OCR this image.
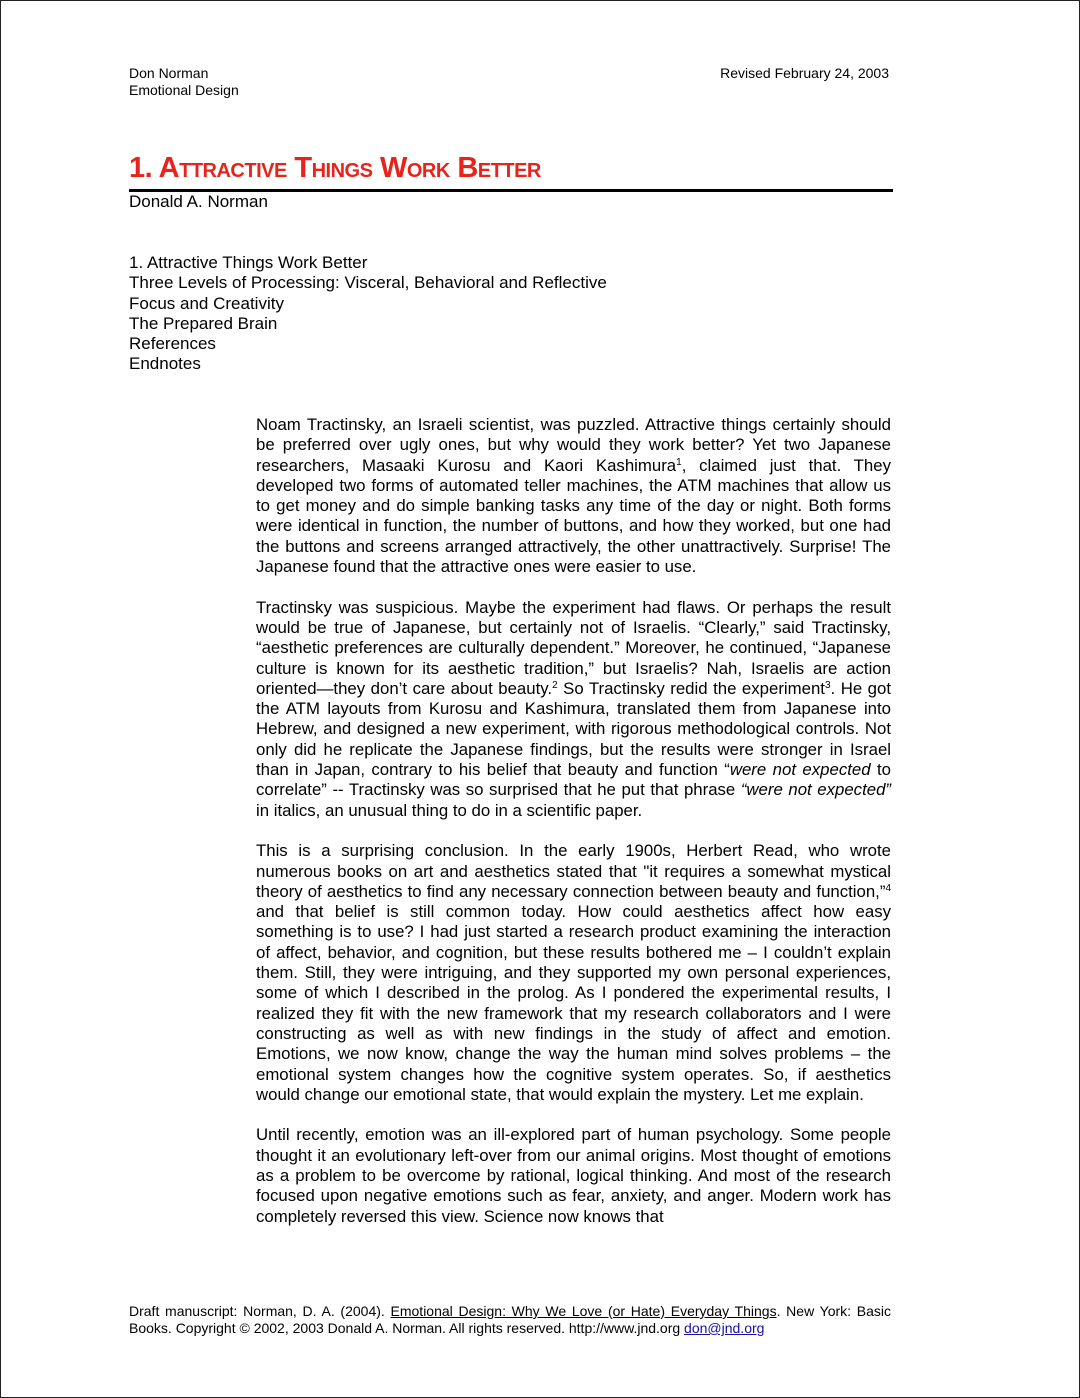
Don Norman
Emotional Design
Revised February 24, 2003
1. Attractive Things Work Better
Donald A. Norman
1. Attractive Things Work Better
Three Levels of Processing: Visceral, Behavioral and Reflective
Focus and Creativity
The Prepared Brain
References
Endnotes

Noam Tractinsky, an Israeli scientist, was puzzled. Attractive things certainly should be preferred over ugly ones, but why would they work better? Yet two Japanese researchers, Masaaki Kurosu and Kaori Kashimura$^1$, claimed just that. They developed two forms of automated teller machines, the ATM machines that allow us to get money and do simple banking tasks any time of the day or night. Both forms were identical in function, the number of buttons, and how they worked, but one had the buttons and screens arranged attractively, the other unattractively. Surprise! The Japanese found that the attractive ones were easier to use.

Tractinsky was suspicious. Maybe the experiment had flaws. Or perhaps the result would be true of Japanese, but certainly not of Israelis. “Clearly,” said Tractinsky, “aesthetic preferences are culturally dependent.” Moreover, he continued, “Japanese culture is known for its aesthetic tradition,” but Israelis? Nah, Israelis are action oriented—they don’t care about beauty.$^2$ So Tractinsky redid the experiment$^3$. He got the ATM layouts from Kurosu and Kashimura, translated them from Japanese into Hebrew, and designed a new experiment, with rigorous methodological controls. Not only did he replicate the Japanese findings, but the results were stronger in Israel than in Japan, contrary to his belief that beauty and function “were not expected to correlate” -- Tractinsky was so surprised that he put that phrase “were not expected” in italics, an unusual thing to do in a scientific paper.

This is a surprising conclusion. In the early 1900s, Herbert Read, who wrote numerous books on art and aesthetics stated that "it requires a somewhat mystical theory of aesthetics to find any necessary connection between beauty and function,”$^4$ and that belief is still common today. How could aesthetics affect how easy something is to use? I had just started a research product examining the interaction of affect, behavior, and cognition, but these results bothered me – I couldn’t explain them. Still, they were intriguing, and they supported my own personal experiences, some of which I described in the prolog. As I pondered the experimental results, I realized they fit with the new framework that my research collaborators and I were constructing as well as with new findings in the study of affect and emotion. Emotions, we now know, change the way the human mind solves problems – the emotional system changes how the cognitive system operates. So, if aesthetics would change our emotional state, that would explain the mystery. Let me explain.

Until recently, emotion was an ill-explored part of human psychology. Some people thought it an evolutionary left-over from our animal origins. Most thought of emotions as a problem to be overcome by rational, logical thinking. And most of the research focused upon negative emotions such as fear, anxiety, and anger. Modern work has completely reversed this view. Science now knows that

Draft manuscript: Norman, D. A. (2004). Emotional Design: Why We Love (or Hate) Everyday Things. New York: Basic Books. Copyright © 2002, 2003 Donald A. Norman. All rights reserved. http://www.jnd.org don@jnd.org
